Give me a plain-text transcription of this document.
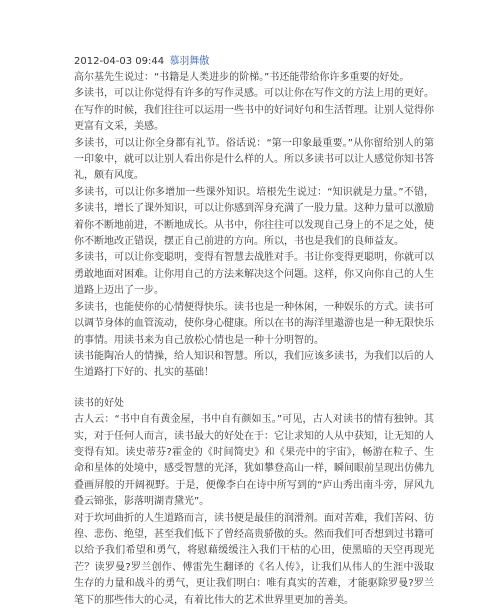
2012-04-03 09:44 慕羽舞傲

高尔基先生说过：“书籍是人类进步的阶梯。”书还能带给你许多重要的好处。

多读书，可以让你觉得有许多的写作灵感。可以让你在写作文的方法上用的更好。在写作的时候，我们往往可以运用一些书中的好词好句和生活哲理。让别人觉得你更富有文采，美感。

多读书，可以让你全身都有礼节。俗话说：“第一印象最重要。”从你留给别人的第一印象中，就可以让别人看出你是什么样的人。所以多读书可以让人感觉你知书答礼，颇有风度。

多读书，可以让你多增加一些课外知识。培根先生说过：“知识就是力量。”不错，多读书，增长了课外知识，可以让你感到浑身充满了一股力量。这种力量可以激励着你不断地前进，不断地成长。从书中，你往往可以发现自己身上的不足之处，使你不断地改正错误，摆正自己前进的方向。所以，书也是我们的良师益友。

多读书，可以让你变聪明，变得有智慧去战胜对手。书让你变得更聪明，你就可以勇敢地面对困难。让你用自己的方法来解决这个问题。这样，你又向你自己的人生道路上迈出了一步。

多读书，也能使你的心情便得快乐。读书也是一种休闲，一种娱乐的方式。读书可以调节身体的血管流动，使你身心健康。所以在书的海洋里遨游也是一种无限快乐的事情。用读书来为自己放松心情也是一种十分明智的。

读书能陶冶人的情操，给人知识和智慧。所以，我们应该多读书，为我们以后的人生道路打下好的、扎实的基础！

读书的好处

古人云：“书中自有黄金屋，书中自有颜如玉。”可见，古人对读书的情有独钟。其实，对于任何人而言，读书最大的好处在于：它让求知的人从中获知，让无知的人变得有知。读史蒂芬?霍金的《时间简史》和《果壳中的宇宙》，畅游在粒子、生命和星体的处境中，感受智慧的光泽，犹如攀登高山一样，瞬间眼前呈现出仿佛九叠画屏般的开阔视野。于是，便像李白在诗中所写到的“庐山秀出南斗旁，屏风九叠云锦张，影落明湖青黛光”。

对于坎坷曲折的人生道路而言，读书便是最佳的润滑剂。面对苦难，我们苦闷、彷徨、悲伤、绝望，甚至我们低下了曾经高贵骄傲的头。然而我们可否想到过书籍可以给予我们希望和勇气，将慰藉缓缓注入我们干枯的心田，使黑暗的天空再现光芒？读罗曼?罗兰创作、傅雷先生翻译的《名人传》，让我们从伟人的生涯中汲取生存的力量和战斗的勇气，更让我们明白：唯有真实的苦难，才能驱除罗曼?罗兰笔下的那些伟大的心灵，有着比伟大的艺术世界里更加的善美。
